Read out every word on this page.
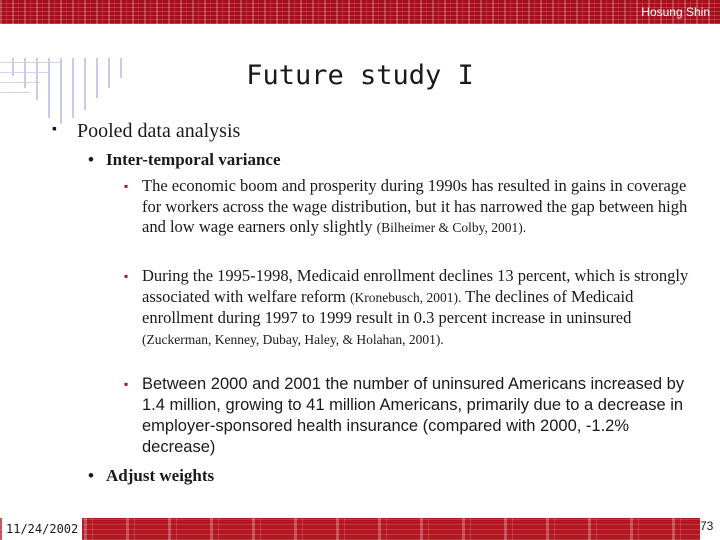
Hosung Shin
Future study I
▪ Pooled data analysis
• Inter-temporal variance
▪ The economic boom and prosperity during 1990s has resulted in gains in coverage for workers across the wage distribution, but it has narrowed the gap between high and low wage earners only slightly (Bilheimer & Colby, 2001).
▪ During the 1995-1998, Medicaid enrollment declines 13 percent, which is strongly associated with welfare reform (Kronebusch, 2001). The declines of Medicaid enrollment during 1997 to 1999 result in 0.3 percent increase in uninsured (Zuckerman, Kenney, Dubay, Haley, & Holahan, 2001).
▪ Between 2000 and 2001 the number of uninsured Americans increased by 1.4 million, growing to 41 million Americans, primarily due to a decrease in employer-sponsored health insurance (compared with 2000, -1.2% decrease)
• Adjust weights
11/24/2002	73
